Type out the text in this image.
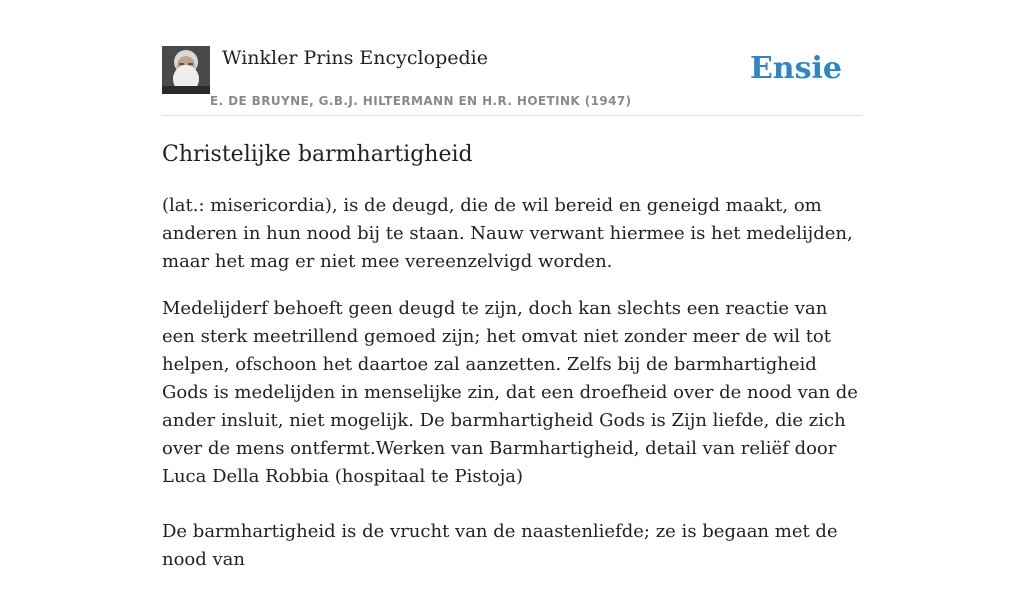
Winkler Prins Encyclopedie
E. DE BRUYNE, G.B.J. HILTERMANN EN H.R. HOETINK (1947)
Ensie
Christelijke barmhartigheid

(lat.: misericordia), is de deugd, die de wil bereid en geneigd maakt, om anderen in hun nood bij te staan. Nauw verwant hiermee is het medelijden, maar het mag er niet mee vereenzelvigd worden.

Medelijderf behoeft geen deugd te zijn, doch kan slechts een reactie van een sterk meetrillend gemoed zijn; het omvat niet zonder meer de wil tot helpen, ofschoon het daartoe zal aanzetten. Zelfs bij de barmhartigheid Gods is medelijden in menselijke zin, dat een droefheid over de nood van de ander insluit, niet mogelijk. De barmhartigheid Gods is Zijn liefde, die zich over de mens ontfermt.Werken van Barmhartigheid, detail van reliëf door Luca Della Robbia (hospitaal te Pistoja)

De barmhartigheid is de vrucht van de naastenliefde; ze is begaan met de nood van
